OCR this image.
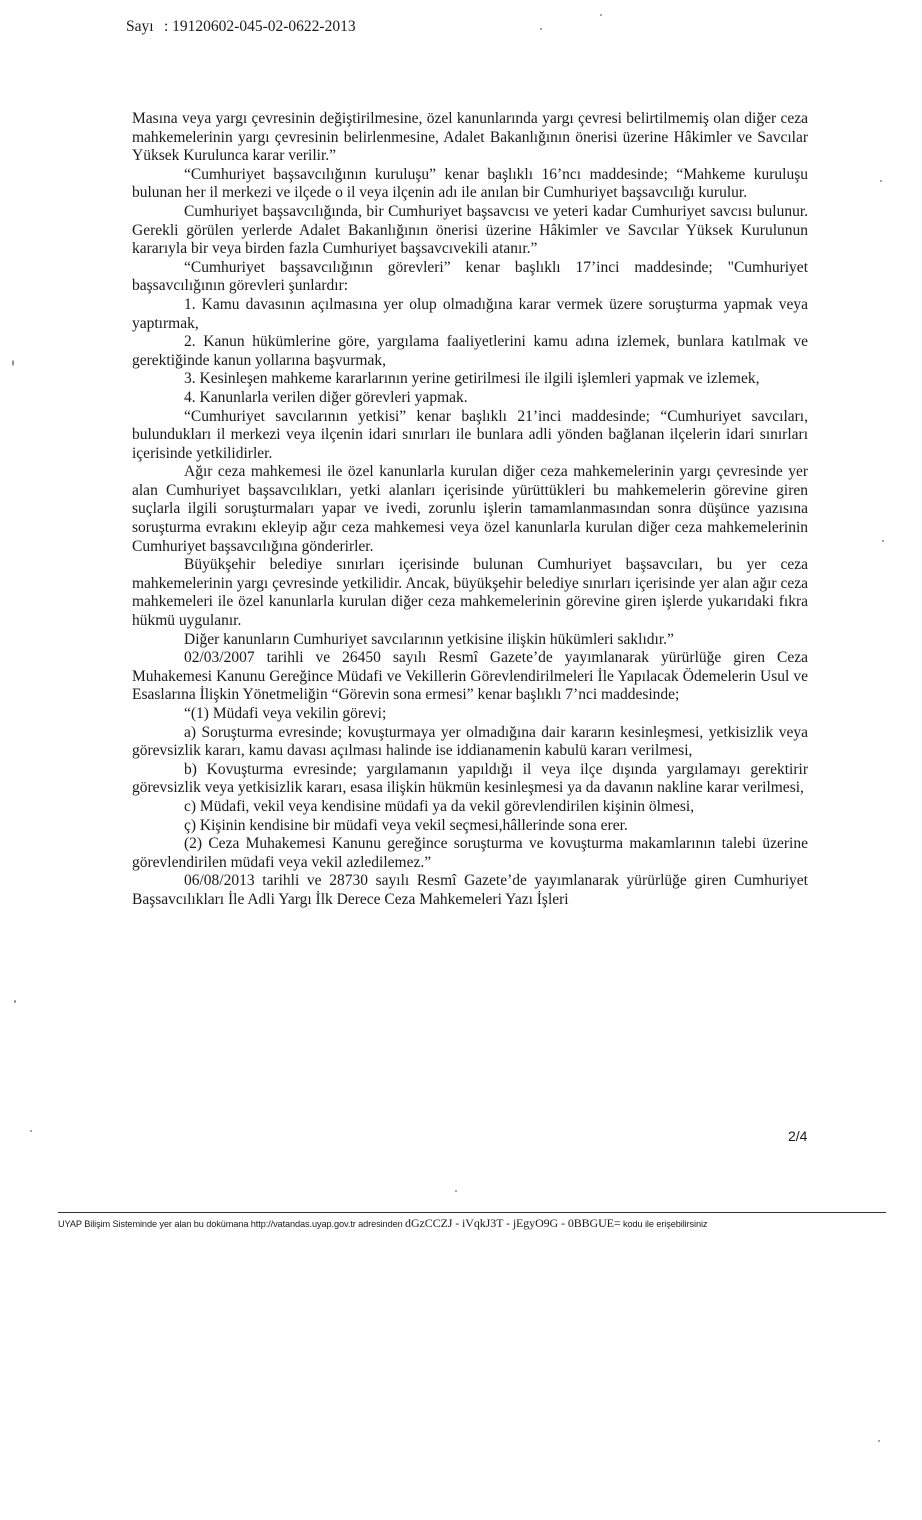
Sayı : 19120602-045-02-0622-2013

Masına veya yargı çevresinin değiştirilmesine, özel kanunlarında yargı çevresi belirtilmemiş olan diğer ceza mahkemelerinin yargı çevresinin belirlenmesine, Adalet Bakanlığının önerisi üzerine Hâkimler ve Savcılar Yüksek Kurulunca karar verilir.”

“Cumhuriyet başsavcılığının kuruluşu” kenar başlıklı 16’ncı maddesinde; “Mahkeme kuruluşu bulunan her il merkezi ve ilçede o il veya ilçenin adı ile anılan bir Cumhuriyet başsavcılığı kurulur.

Cumhuriyet başsavcılığında, bir Cumhuriyet başsavcısı ve yeteri kadar Cumhuriyet savcısı bulunur. Gerekli görülen yerlerde Adalet Bakanlığının önerisi üzerine Hâkimler ve Savcılar Yüksek Kurulunun kararıyla bir veya birden fazla Cumhuriyet başsavcıvekili atanır.”

“Cumhuriyet başsavcılığının görevleri” kenar başlıklı 17’inci maddesinde; "Cumhuriyet başsavcılığının görevleri şunlardır:

1. Kamu davasının açılmasına yer olup olmadığına karar vermek üzere soruşturma yapmak veya yaptırmak,

2. Kanun hükümlerine göre, yargılama faaliyetlerini kamu adına izlemek, bunlara katılmak ve gerektiğinde kanun yollarına başvurmak,

3. Kesinleşen mahkeme kararlarının yerine getirilmesi ile ilgili işlemleri yapmak ve izlemek,

4. Kanunlarla verilen diğer görevleri yapmak.

“Cumhuriyet savcılarının yetkisi” kenar başlıklı 21’inci maddesinde; “Cumhuriyet savcıları, bulundukları il merkezi veya ilçenin idari sınırları ile bunlara adli yönden bağlanan ilçelerin idari sınırları içerisinde yetkilidirler.

Ağır ceza mahkemesi ile özel kanunlarla kurulan diğer ceza mahkemelerinin yargı çevresinde yer alan Cumhuriyet başsavcılıkları, yetki alanları içerisinde yürüttükleri bu mahkemelerin görevine giren suçlarla ilgili soruşturmaları yapar ve ivedi, zorunlu işlerin tamamlanmasından sonra düşünce yazısına soruşturma evrakını ekleyip ağır ceza mahkemesi veya özel kanunlarla kurulan diğer ceza mahkemelerinin Cumhuriyet başsavcılığına gönderirler.

Büyükşehir belediye sınırları içerisinde bulunan Cumhuriyet başsavcıları, bu yer ceza mahkemelerinin yargı çevresinde yetkilidir. Ancak, büyükşehir belediye sınırları içerisinde yer alan ağır ceza mahkemeleri ile özel kanunlarla kurulan diğer ceza mahkemelerinin görevine giren işlerde yukarıdaki fıkra hükmü uygulanır.

Diğer kanunların Cumhuriyet savcılarının yetkisine ilişkin hükümleri saklıdır.”

02/03/2007 tarihli ve 26450 sayılı Resmî Gazete’de yayımlanarak yürürlüğe giren Ceza Muhakemesi Kanunu Gereğince Müdafi ve Vekillerin Görevlendirilmeleri İle Yapılacak Ödemelerin Usul ve Esaslarına İlişkin Yönetmeliğin “Görevin sona ermesi” kenar başlıklı 7’nci maddesinde;

“(1) Müdafi veya vekilin görevi;

a) Soruşturma evresinde; kovuşturmaya yer olmadığına dair kararın kesinleşmesi, yetkisizlik veya görevsizlik kararı, kamu davası açılması halinde ise iddianamenin kabulü kararı verilmesi,

b) Kovuşturma evresinde; yargılamanın yapıldığı il veya ilçe dışında yargılamayı gerektirir görevsizlik veya yetkisizlik kararı, esasa ilişkin hükmün kesinleşmesi ya da davanın nakline karar verilmesi,

c) Müdafi, vekil veya kendisine müdafi ya da vekil görevlendirilen kişinin ölmesi,

ç) Kişinin kendisine bir müdafi veya vekil seçmesi,hâllerinde sona erer.

(2) Ceza Muhakemesi Kanunu gereğince soruşturma ve kovuşturma makamlarının talebi üzerine görevlendirilen müdafi veya vekil azledilemez.”

06/08/2013 tarihli ve 28730 sayılı Resmî Gazete’de yayımlanarak yürürlüğe giren Cumhuriyet Başsavcılıkları İle Adli Yargı İlk Derece Ceza Mahkemeleri Yazı İşleri

2/4
UYAP Bilişim Sisteminde yer alan bu dokümana http://vatandas.uyap.gov.tr adresinden dGzCCZJ - iVqkJ3T - jEgyO9G - 0BBGUE= kodu ile erişebilirsiniz
